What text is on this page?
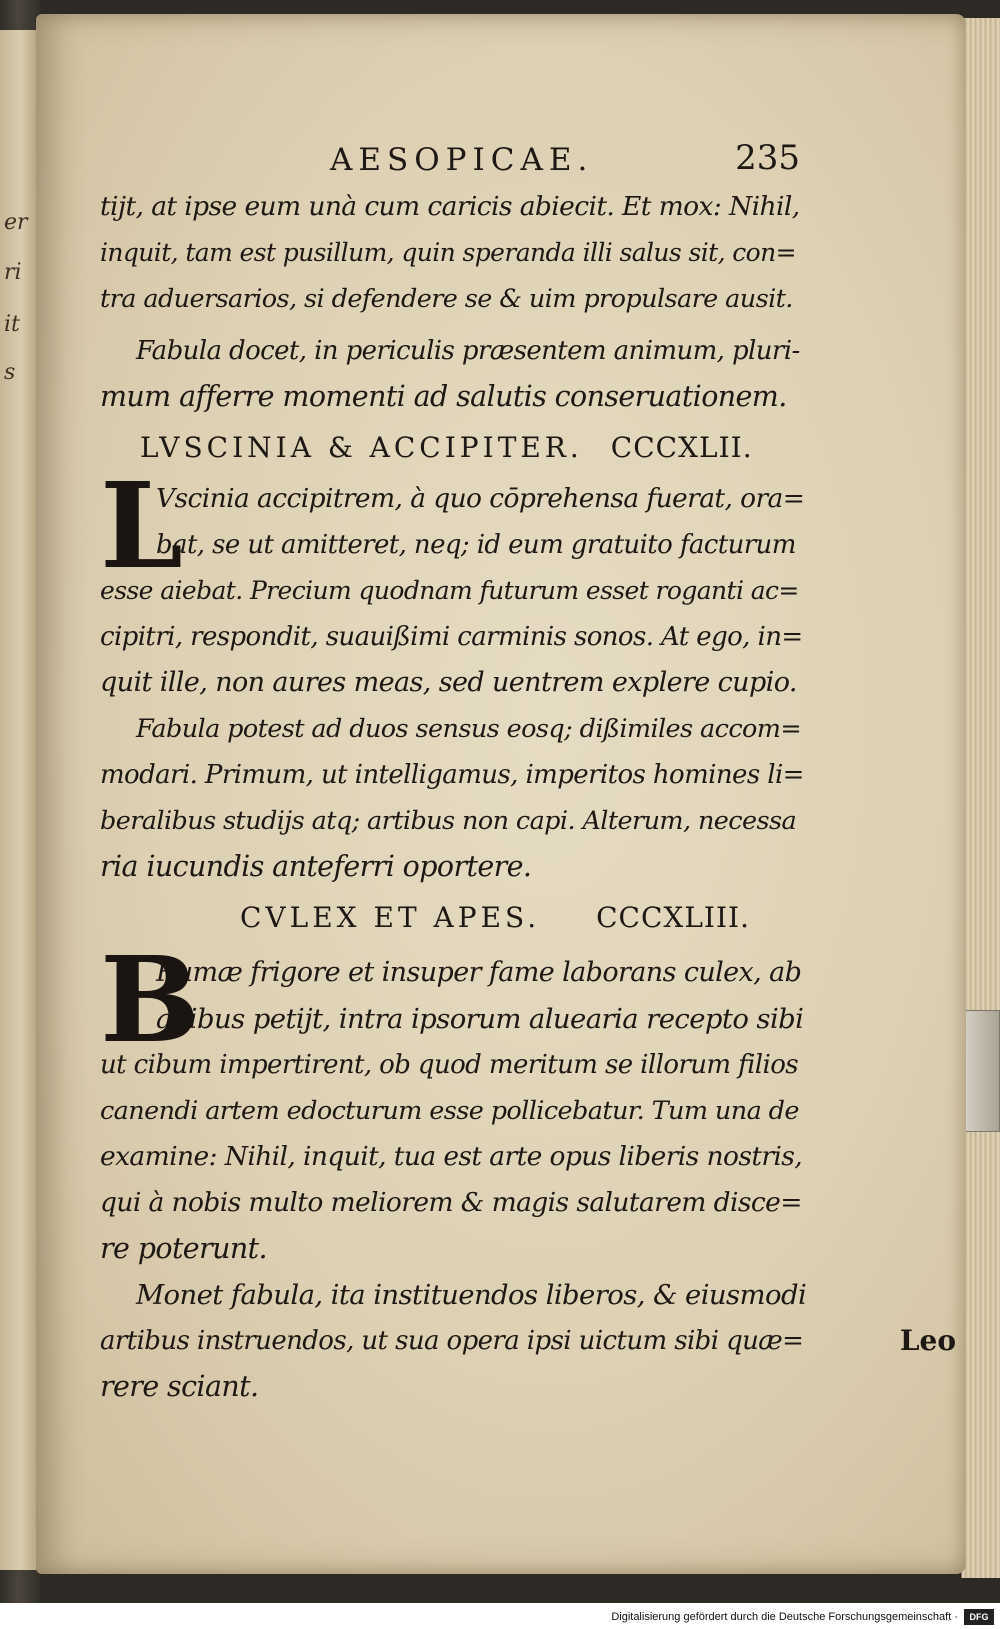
er
ri
it
s
AESOPICAE.	235
tijt, at ipse eum unà cum caricis abiecit. Et mox: Nihil,
inquit, tam est pusillum, quin speranda illi salus sit, con=
tra aduersarios, si defendere se & uim propulsare ausit.
Fabula docet, in periculis præsentem animum, pluri-
mum afferre momenti ad salutis conseruationem.
LVSCINIA & ACCIPITER. CCCXLII.
L
Vscinia accipitrem, à quo cōprehensa fuerat, ora=
bat, se ut amitteret, neq; id eum gratuito facturum
esse aiebat. Precium quodnam futurum esset roganti ac=
cipitri, respondit, suauißimi carminis sonos. At ego, in=
quit ille, non aures meas, sed uentrem explere cupio.
Fabula potest ad duos sensus eosq; dißimiles accom=
modari. Primum, ut intelligamus, imperitos homines li=
beralibus studijs atq; artibus non capi. Alterum, necessa
ria iucundis anteferri oportere.
CVLEX ET APES. CCCXLIII.
B
Rumæ frigore et insuper fame laborans culex, ab
apibus petijt, intra ipsorum aluearia recepto sibi
ut cibum impertirent, ob quod meritum se illorum filios
canendi artem edocturum esse pollicebatur. Tum una de
examine: Nihil, inquit, tua est arte opus liberis nostris,
qui à nobis multo meliorem & magis salutarem disce=
re poterunt.
Monet fabula, ita instituendos liberos, & eiusmodi
artibus instruendos, ut sua opera ipsi uictum sibi quæ=
rere sciant.
Leo
Digitalisierung gefördert durch die Deutsche Forschungsgemeinschaft ·	DFG
